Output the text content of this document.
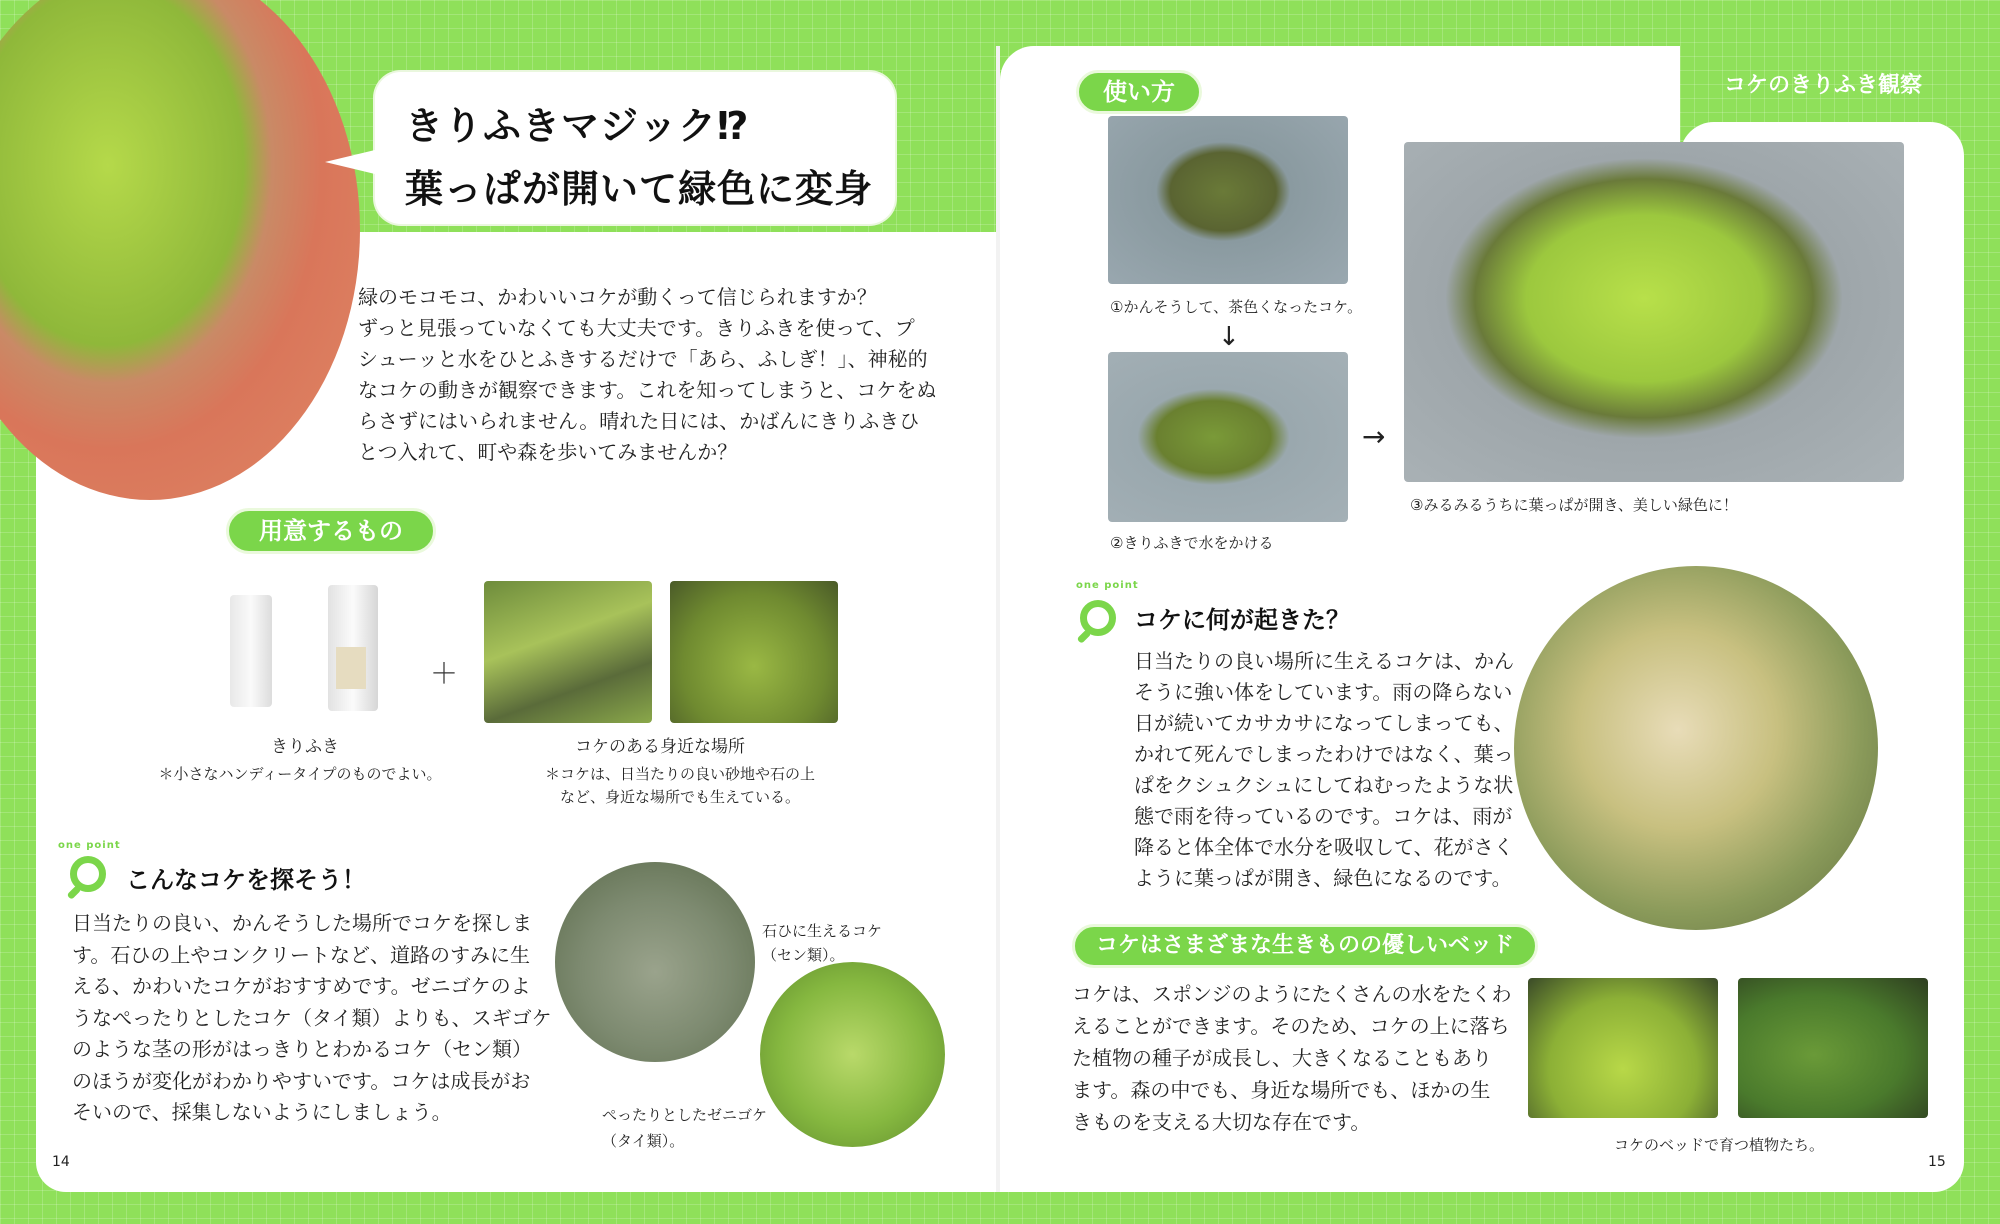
コケのきりふき観察
きりふきマジック⁉
葉っぱが開いて緑色に変身
緑のモコモコ、かわいいコケが動くって信じられますか？
ずっと見張っていなくても大丈夫です。きりふきを使って、プ
シューッと水をひとふきするだけで「あら、ふしぎ！」、神秘的
なコケの動きが観察できます。これを知ってしまうと、コケをぬ
らさずにはいられません。晴れた日には、かばんにきりふきひ
とつ入れて、町や森を歩いてみませんか？
用意するもの
きりふき
＊小さなハンディータイプのものでよい。
＋
コケのある身近な場所
＊コケは、日当たりの良い砂地や石の上
など、身近な場所でも生えている。
one point
こんなコケを探そう！
日当たりの良い、かんそうした場所でコケを探しま
す。石ひの上やコンクリートなど、道路のすみに生
える、かわいたコケがおすすめです。ゼニゴケのよ
うなぺったりとしたコケ（タイ類）よりも、スギゴケ
のような茎の形がはっきりとわかるコケ（セン類）
のほうが変化がわかりやすいです。コケは成長がお
そいので、採集しないようにしましょう。
石ひに生えるコケ
（セン類）。
ぺったりとしたゼニゴケ
（タイ類）。
14
使い方
①かんそうして、茶色くなったコケ。
↓
②きりふきで水をかける
→
③みるみるうちに葉っぱが開き、美しい緑色に！
one point
コケに何が起きた？
日当たりの良い場所に生えるコケは、かん
そうに強い体をしています。雨の降らない
日が続いてカサカサになってしまっても、
かれて死んでしまったわけではなく、葉っ
ぱをクシュクシュにしてねむったような状
態で雨を待っているのです。コケは、雨が
降ると体全体で水分を吸収して、花がさく
ように葉っぱが開き、緑色になるのです。
コケはさまざまな生きものの優しいベッド
コケは、スポンジのようにたくさんの水をたくわ
えることができます。そのため、コケの上に落ち
た植物の種子が成長し、大きくなることもあり
ます。森の中でも、身近な場所でも、ほかの生
きものを支える大切な存在です。
コケのベッドで育つ植物たち。
15
